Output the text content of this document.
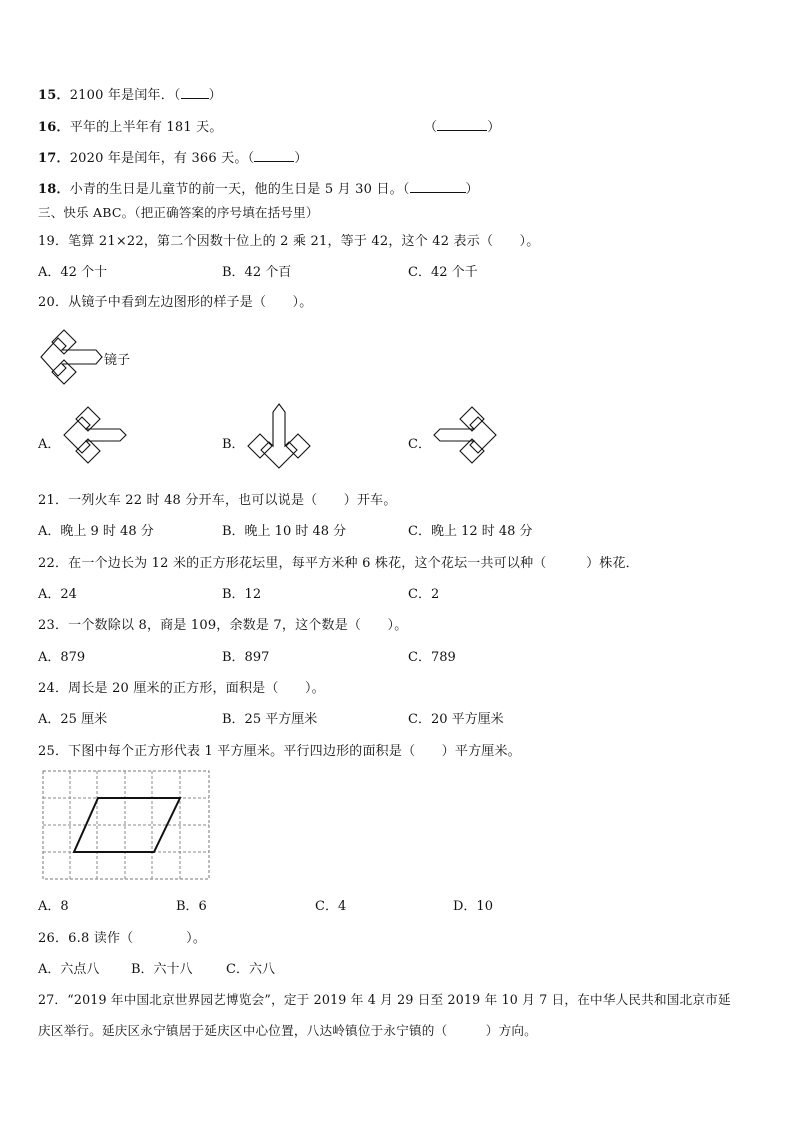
15．2100 年是闰年．（ ）
16．平年的上半年有 181 天。	（	）
17．2020 年是闰年，有 366 天。（	）
18．小青的生日是儿童节的前一天，他的生日是 5 月 30 日。（	）
三、快乐 ABC。（把正确答案的序号填在括号里）
19．笔算 21×22，第二个因数十位上的 2 乘 21，等于 42，这个 42 表示（　　）。
A．42 个十	B．42 个百	C．42 个千
20．从镜子中看到左边图形的样子是（　　）。
镜子
A．	B．	C．
21．一列火车 22 时 48 分开车，也可以说是（　　）开车。
A．晚上 9 时 48 分	B．晚上 10 时 48 分	C．晚上 12 时 48 分
22．在一个边长为 12 米的正方形花坛里，每平方米种 6 株花，这个花坛一共可以种（　　　）株花．
A．24	B．12	C．2
23．一个数除以 8，商是 109，余数是 7，这个数是（　　）。
A．879	B．897	C．789
24．周长是 20 厘米的正方形，面积是（　　）。
A．25 厘米	B．25 平方厘米	C．20 平方厘米
25．下图中每个正方形代表 1 平方厘米。平行四边形的面积是（　　）平方厘米。
A．8	B．6	C．4	D．10
26．6.8 读作（　　　　）。
A．六点八 B．六十八	C．六八
27．“2019 年中国北京世界园艺博览会”，定于 2019 年 4 月 29 日至 2019 年 10 月 7 日，在中华人民共和国北京市延
庆区举行。延庆区永宁镇居于延庆区中心位置，八达岭镇位于永宁镇的（　　　）方向。
